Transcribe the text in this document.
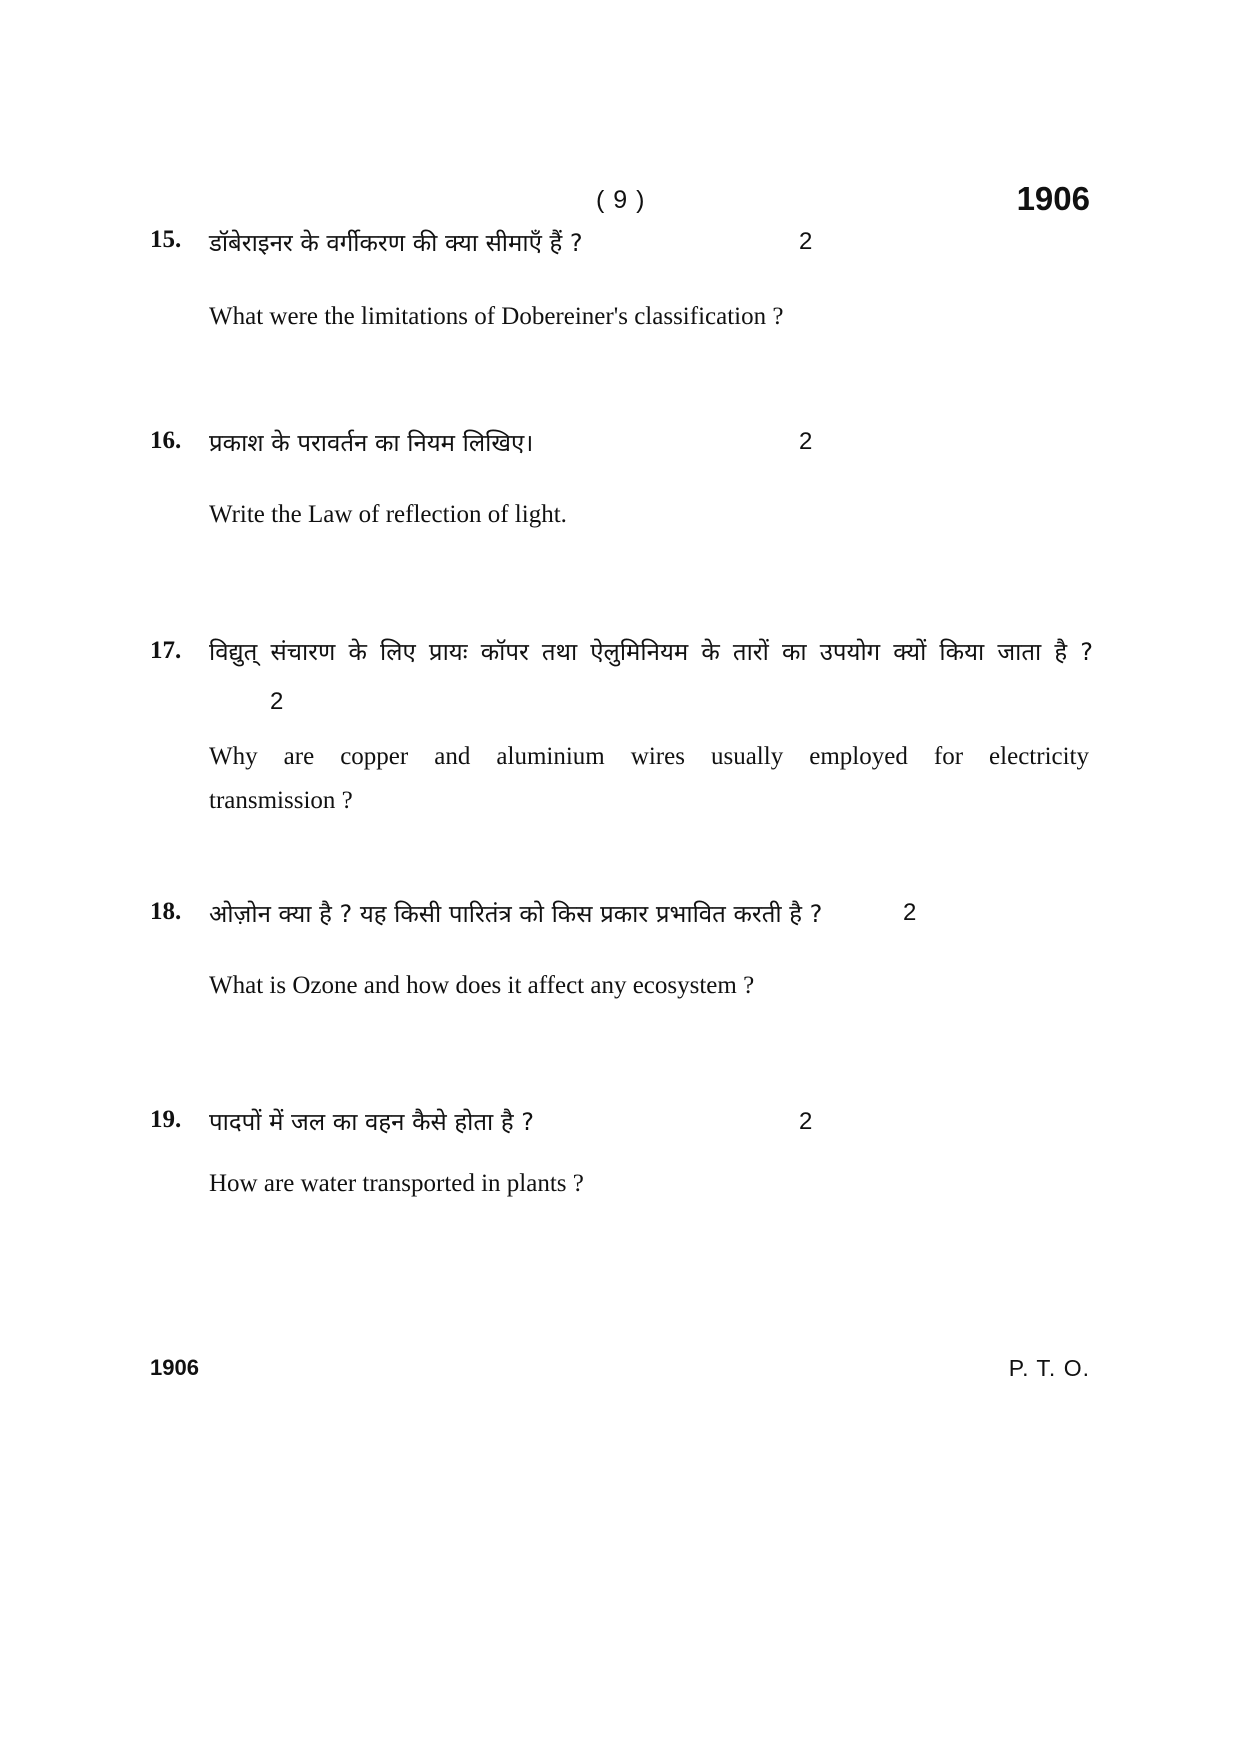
( 9 )	1906
15. डॉबेराइनर के वर्गीकरण की क्या सीमाएँ हैं ?	2
What were the limitations of Dobereiner's classification ?
16. प्रकाश के परावर्तन का नियम लिखिए।	2
Write the Law of reflection of light.
17. विद्युत् संचारण के लिए प्रायः कॉपर तथा ऐलुमिनियम के तारों का उपयोग क्यों किया जाता है ?
2
Why are copper and aluminium wires usually employed for electricity
transmission ?
18. ओज़ोन क्या है ? यह किसी पारितंत्र को किस प्रकार प्रभावित करती है ?	2
What is Ozone and how does it affect any ecosystem ?
19. पादपों में जल का वहन कैसे होता है ?	2
How are water transported in plants ?
1906	P. T. O.
